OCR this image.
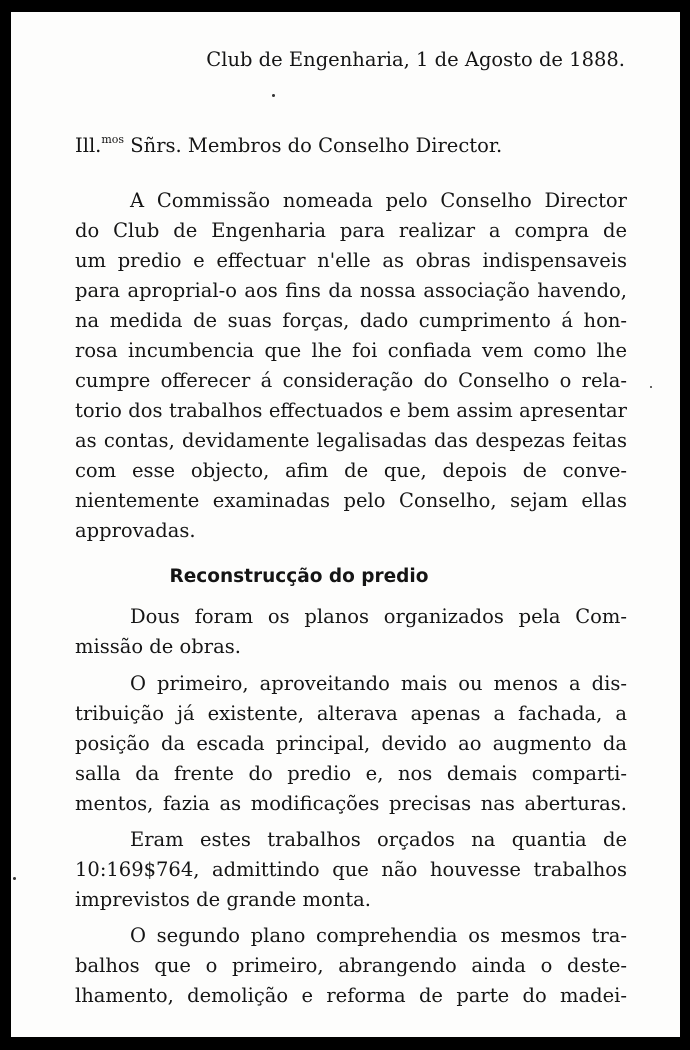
Club de Engenharia, 1 de Agosto de 1888.
Ill.$^{mos}$ Sñrs. Membros do Conselho Director.
A Commissão nomeada pelo Conselho Director
do Club de Engenharia para realizar a compra de
um predio e effectuar n'elle as obras indispensaveis
para aproprial-o aos fins da nossa associação havendo,
na medida de suas forças, dado cumprimento á hon-
rosa incumbencia que lhe foi confiada vem como lhe
cumpre offerecer á consideração do Conselho o rela-
torio dos trabalhos effectuados e bem assim apresentar
as contas, devidamente legalisadas das despezas feitas
com esse objecto, afim de que, depois de conve-
nientemente examinadas pelo Conselho, sejam ellas
approvadas.
Reconstrucção do predio
Dous foram os planos organizados pela Com-
missão de obras.
O primeiro, aproveitando mais ou menos a dis-
tribuição já existente, alterava apenas a fachada, a
posição da escada principal, devido ao augmento da
salla da frente do predio e, nos demais comparti-
mentos, fazia as modificações precisas nas aberturas.
Eram estes trabalhos orçados na quantia de
10:169$764, admittindo que não houvesse trabalhos
imprevistos de grande monta.
O segundo plano comprehendia os mesmos tra-
balhos que o primeiro, abrangendo ainda o deste-
lhamento, demolição e reforma de parte do madei-
